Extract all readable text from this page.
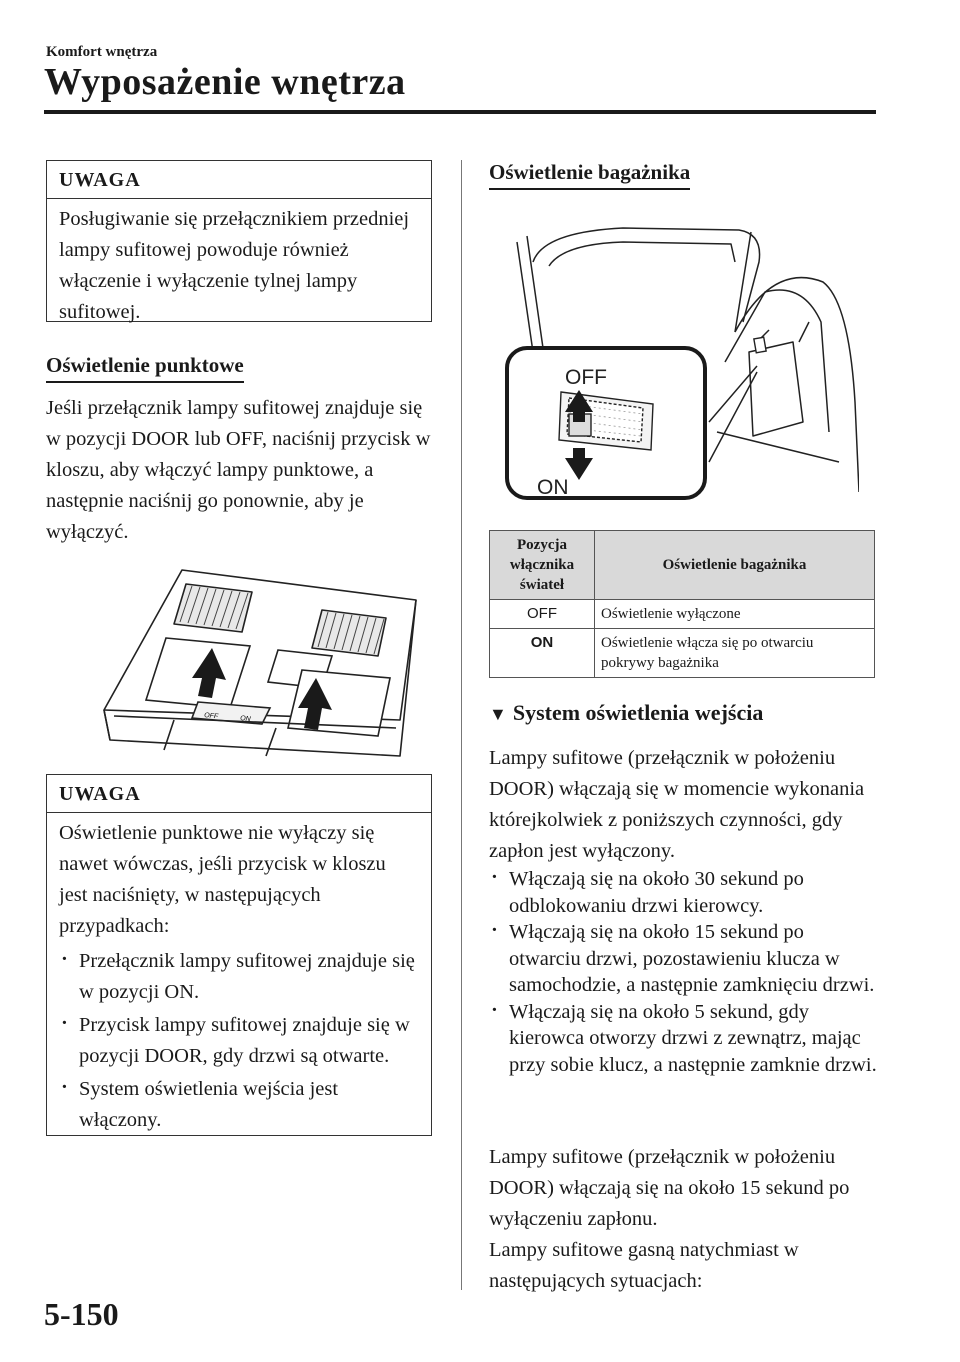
Komfort wnętrza
Wyposażenie wnętrza
UWAGA
Posługiwanie się przełącznikiem przedniej lampy sufitowej powoduje również włączenie i wyłączenie tylnej lampy sufitowej.
Oświetlenie punktowe
Jeśli przełącznik lampy sufitowej znajduje się w pozycji DOOR lub OFF, naciśnij przycisk w kloszu, aby włączyć lampy punktowe, a następnie naciśnij go ponownie, aby je wyłączyć.
OFF	ON
UWAGA
Oświetlenie punktowe nie wyłączy się nawet wówczas, jeśli przycisk w kloszu jest naciśnięty, w następujących przypadkach:
· Przełącznik lampy sufitowej znajduje się w pozycji ON.
· Przycisk lampy sufitowej znajduje się w pozycji DOOR, gdy drzwi są otwarte.
· System oświetlenia wejścia jest włączony.
Oświetlenie bagażnika
OFF
ON
Pozycja włącznika świateł	Oświetlenie bagażnika
OFF	Oświetlenie wyłączone
ON	Oświetlenie włącza się po otwarciu pokrywy bagażnika
▼ System oświetlenia wejścia
Lampy sufitowe (przełącznik w położeniu DOOR) włączają się w momencie wykonania którejkolwiek z poniższych czynności, gdy zapłon jest wyłączony.
· Włączają się na około 30 sekund po odblokowaniu drzwi kierowcy.
· Włączają się na około 15 sekund po otwarciu drzwi, pozostawieniu klucza w samochodzie, a następnie zamknięciu drzwi.
· Włączają się na około 5 sekund, gdy kierowca otworzy drzwi z zewnątrz, mając przy sobie klucz, a następnie zamknie drzwi.
Lampy sufitowe (przełącznik w położeniu DOOR) włączają się na około 15 sekund po wyłączeniu zapłonu.
Lampy sufitowe gasną natychmiast w następujących sytuacjach:
5-150
